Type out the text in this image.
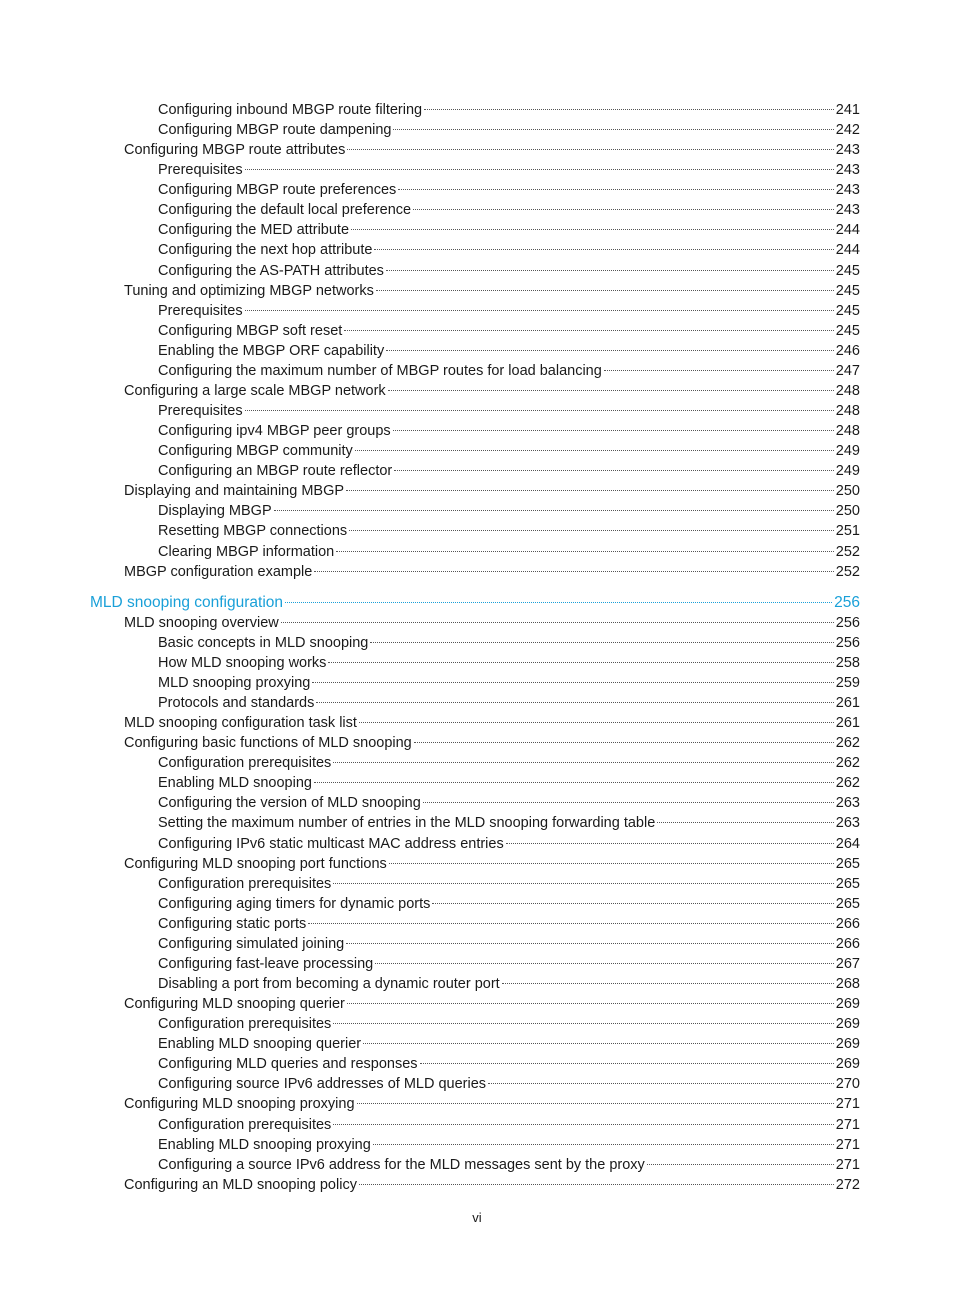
Configuring inbound MBGP route filtering	241
Configuring MBGP route dampening	242
Configuring MBGP route attributes	243
Prerequisites	243
Configuring MBGP route preferences	243
Configuring the default local preference	243
Configuring the MED attribute	244
Configuring the next hop attribute	244
Configuring the AS-PATH attributes	245
Tuning and optimizing MBGP networks	245
Prerequisites	245
Configuring MBGP soft reset	245
Enabling the MBGP ORF capability	246
Configuring the maximum number of MBGP routes for load balancing	247
Configuring a large scale MBGP network	248
Prerequisites	248
Configuring ipv4 MBGP peer groups	248
Configuring MBGP community	249
Configuring an MBGP route reflector	249
Displaying and maintaining MBGP	250
Displaying MBGP	250
Resetting MBGP connections	251
Clearing MBGP information	252
MBGP configuration example	252
MLD snooping configuration	256
MLD snooping overview	256
Basic concepts in MLD snooping	256
How MLD snooping works	258
MLD snooping proxying	259
Protocols and standards	261
MLD snooping configuration task list	261
Configuring basic functions of MLD snooping	262
Configuration prerequisites	262
Enabling MLD snooping	262
Configuring the version of MLD snooping	263
Setting the maximum number of entries in the MLD snooping forwarding table	263
Configuring IPv6 static multicast MAC address entries	264
Configuring MLD snooping port functions	265
Configuration prerequisites	265
Configuring aging timers for dynamic ports	265
Configuring static ports	266
Configuring simulated joining	266
Configuring fast-leave processing	267
Disabling a port from becoming a dynamic router port	268
Configuring MLD snooping querier	269
Configuration prerequisites	269
Enabling MLD snooping querier	269
Configuring MLD queries and responses	269
Configuring source IPv6 addresses of MLD queries	270
Configuring MLD snooping proxying	271
Configuration prerequisites	271
Enabling MLD snooping proxying	271
Configuring a source IPv6 address for the MLD messages sent by the proxy	271
Configuring an MLD snooping policy	272
vi
